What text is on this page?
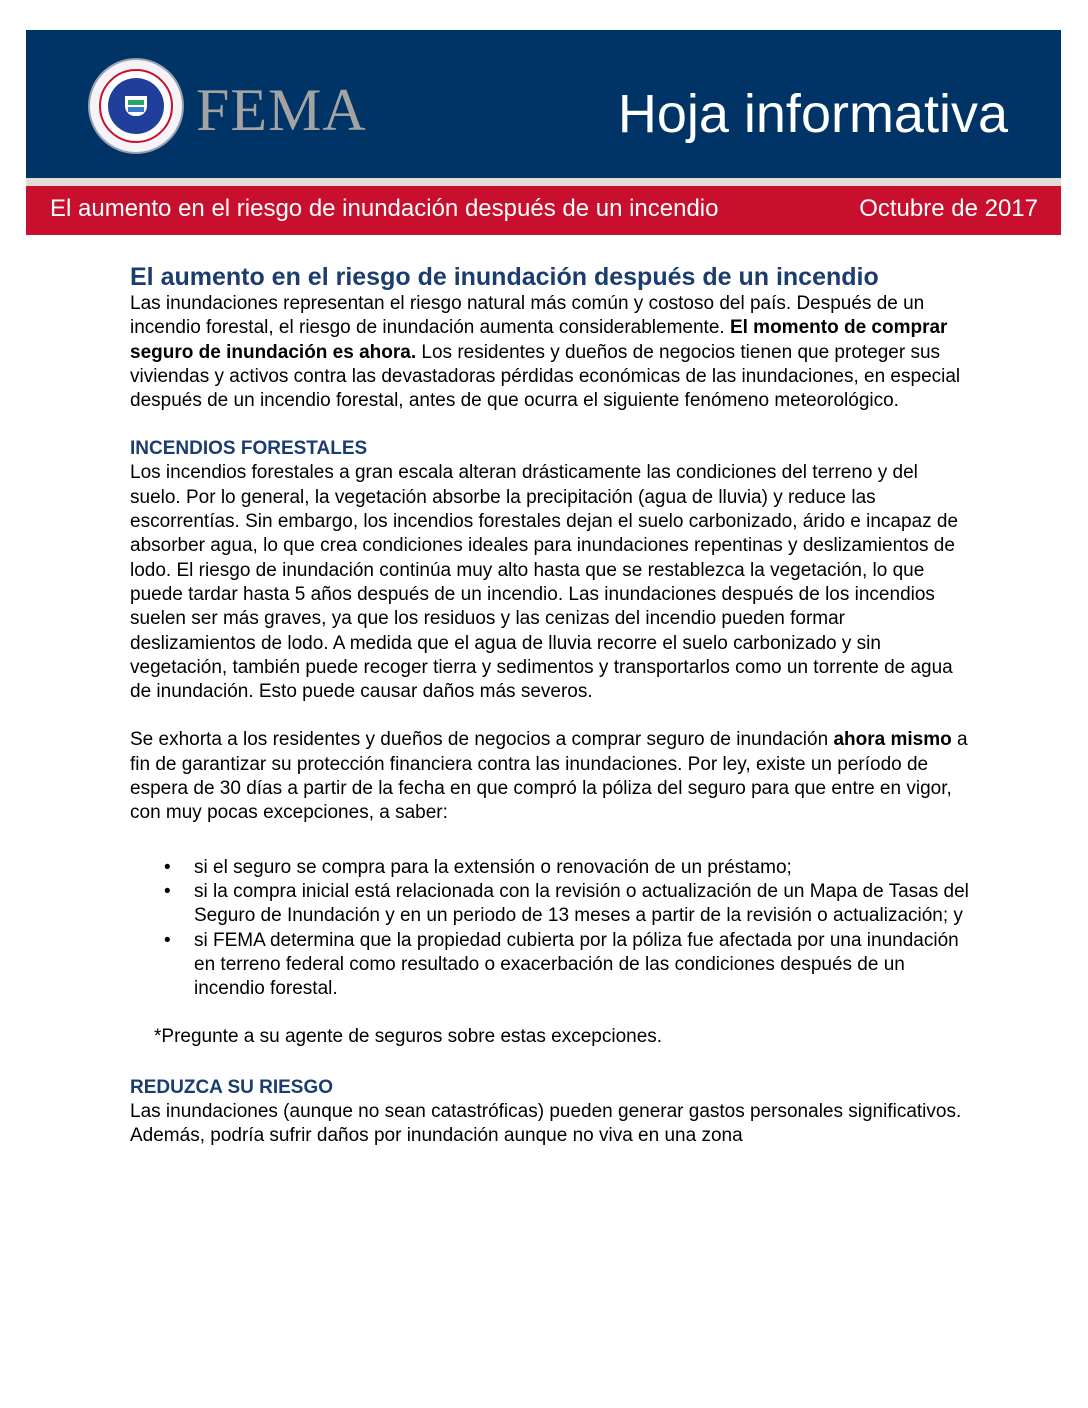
FEMA	Hoja informativa
El aumento en el riesgo de inundación después de un incendio	Octubre de 2017
El aumento en el riesgo de inundación después de un incendio

Las inundaciones representan el riesgo natural más común y costoso del país. Después de un incendio forestal, el riesgo de inundación aumenta considerablemente. El momento de comprar seguro de inundación es ahora. Los residentes y dueños de negocios tienen que proteger sus viviendas y activos contra las devastadoras pérdidas económicas de las inundaciones, en especial después de un incendio forestal, antes de que ocurra el siguiente fenómeno meteorológico.

INCENDIOS FORESTALES

Los incendios forestales a gran escala alteran drásticamente las condiciones del terreno y del suelo. Por lo general, la vegetación absorbe la precipitación (agua de lluvia) y reduce las escorrentías. Sin embargo, los incendios forestales dejan el suelo carbonizado, árido e incapaz de absorber agua, lo que crea condiciones ideales para inundaciones repentinas y deslizamientos de lodo. El riesgo de inundación continúa muy alto hasta que se restablezca la vegetación, lo que puede tardar hasta 5 años después de un incendio. Las inundaciones después de los incendios suelen ser más graves, ya que los residuos y las cenizas del incendio pueden formar deslizamientos de lodo. A medida que el agua de lluvia recorre el suelo carbonizado y sin vegetación, también puede recoger tierra y sedimentos y transportarlos como un torrente de agua de inundación. Esto puede causar daños más severos.

Se exhorta a los residentes y dueños de negocios a comprar seguro de inundación ahora mismo a fin de garantizar su protección financiera contra las inundaciones. Por ley, existe un período de espera de 30 días a partir de la fecha en que compró la póliza del seguro para que entre en vigor, con muy pocas excepciones, a saber:

• si el seguro se compra para la extensión o renovación de un préstamo;
• si la compra inicial está relacionada con la revisión o actualización de un Mapa de Tasas del Seguro de Inundación y en un periodo de 13 meses a partir de la revisión o actualización; y
• si FEMA determina que la propiedad cubierta por la póliza fue afectada por una inundación en terreno federal como resultado o exacerbación de las condiciones después de un incendio forestal.

*Pregunte a su agente de seguros sobre estas excepciones.

REDUZCA SU RIESGO

Las inundaciones (aunque no sean catastróficas) pueden generar gastos personales significativos. Además, podría sufrir daños por inundación aunque no viva en una zona
